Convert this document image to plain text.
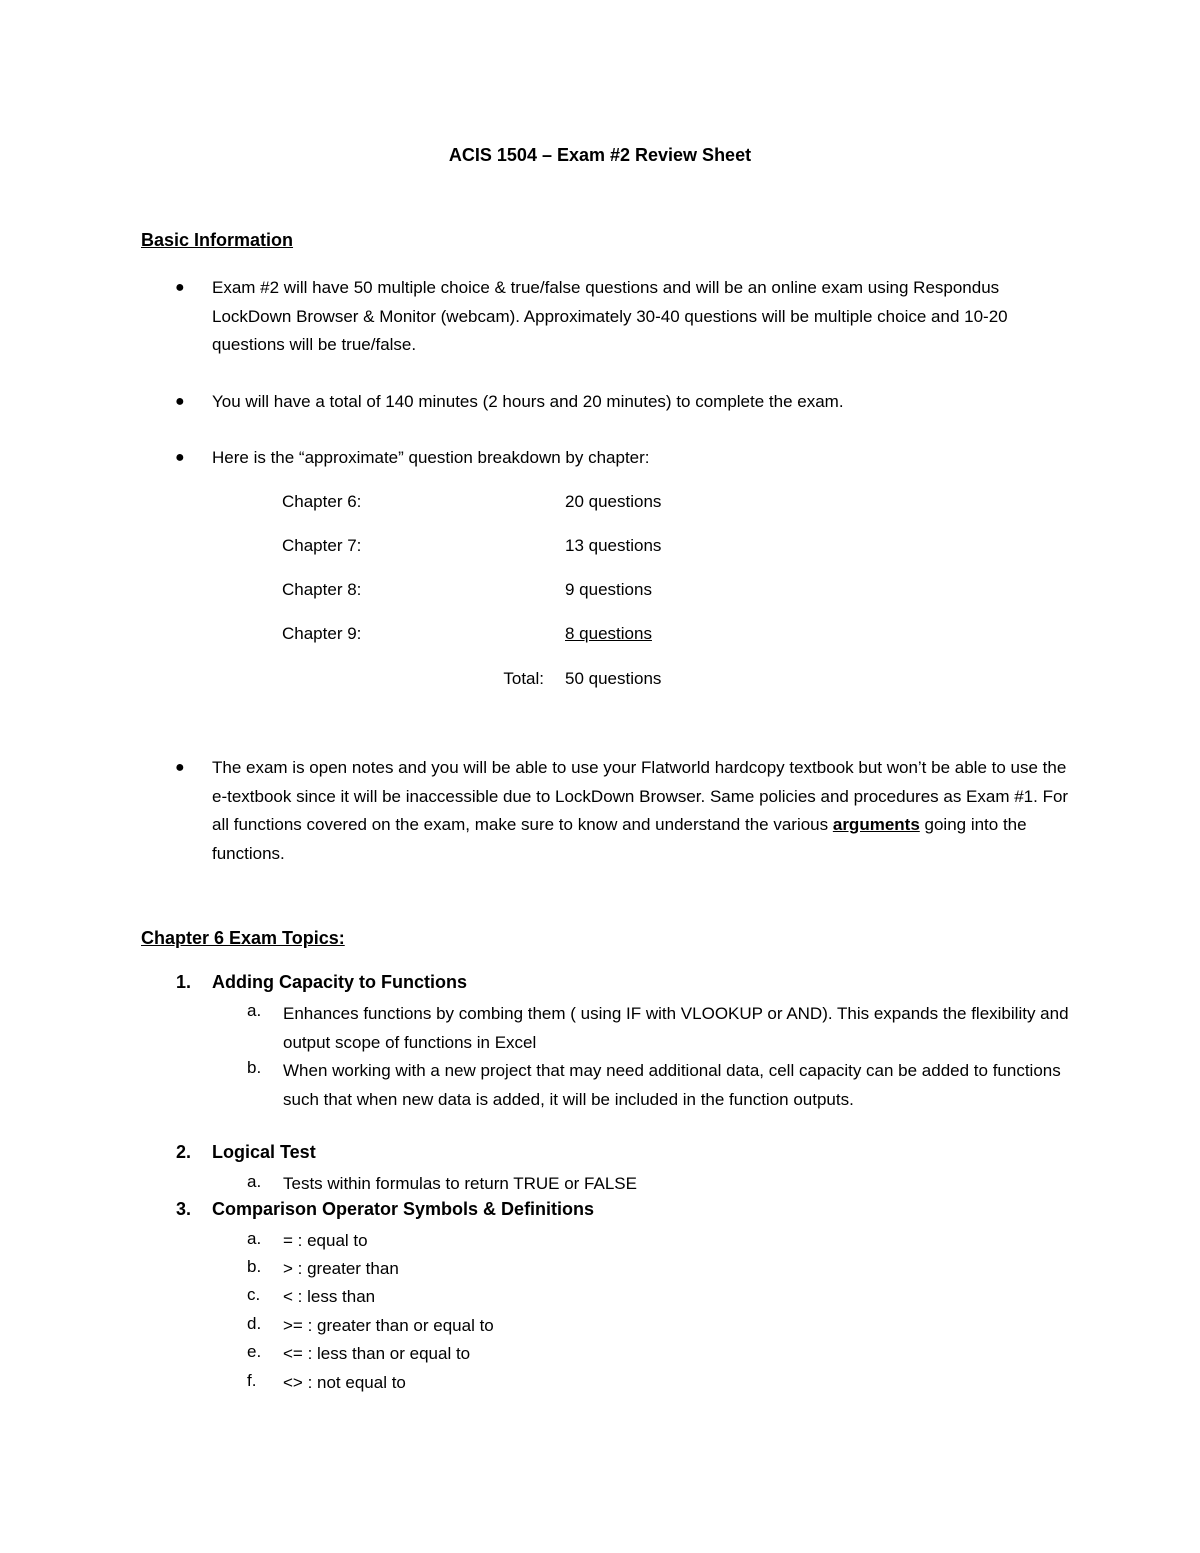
ACIS 1504 – Exam #2 Review Sheet
Basic Information
● Exam #2 will have 50 multiple choice & true/false questions and will be an online exam using Respondus LockDown Browser & Monitor (webcam). Approximately 30-40 questions will be multiple choice and 10-20 questions will be true/false.
● You will have a total of 140 minutes (2 hours and 20 minutes) to complete the exam.
● Here is the “approximate” question breakdown by chapter:
Chapter 6:	20 questions
Chapter 7:	13 questions
Chapter 8:	9 questions
Chapter 9:	8 questions
Total: 50 questions
● The exam is open notes and you will be able to use your Flatworld hardcopy textbook but won’t be able to use the e-textbook since it will be inaccessible due to LockDown Browser. Same policies and procedures as Exam #1. For all functions covered on the exam, make sure to know and understand the various arguments going into the functions.
Chapter 6 Exam Topics:
1. Adding Capacity to Functions
a. Enhances functions by combing them ( using IF with VLOOKUP or AND). This expands the flexibility and output scope of functions in Excel
b. When working with a new project that may need additional data, cell capacity can be added to functions such that when new data is added, it will be included in the function outputs.
2. Logical Test
a. Tests within formulas to return TRUE or FALSE
3. Comparison Operator Symbols & Definitions
a. = : equal to
b. > : greater than
c. < : less than
d. >= : greater than or equal to
e. <= : less than or equal to
f. <> : not equal to
